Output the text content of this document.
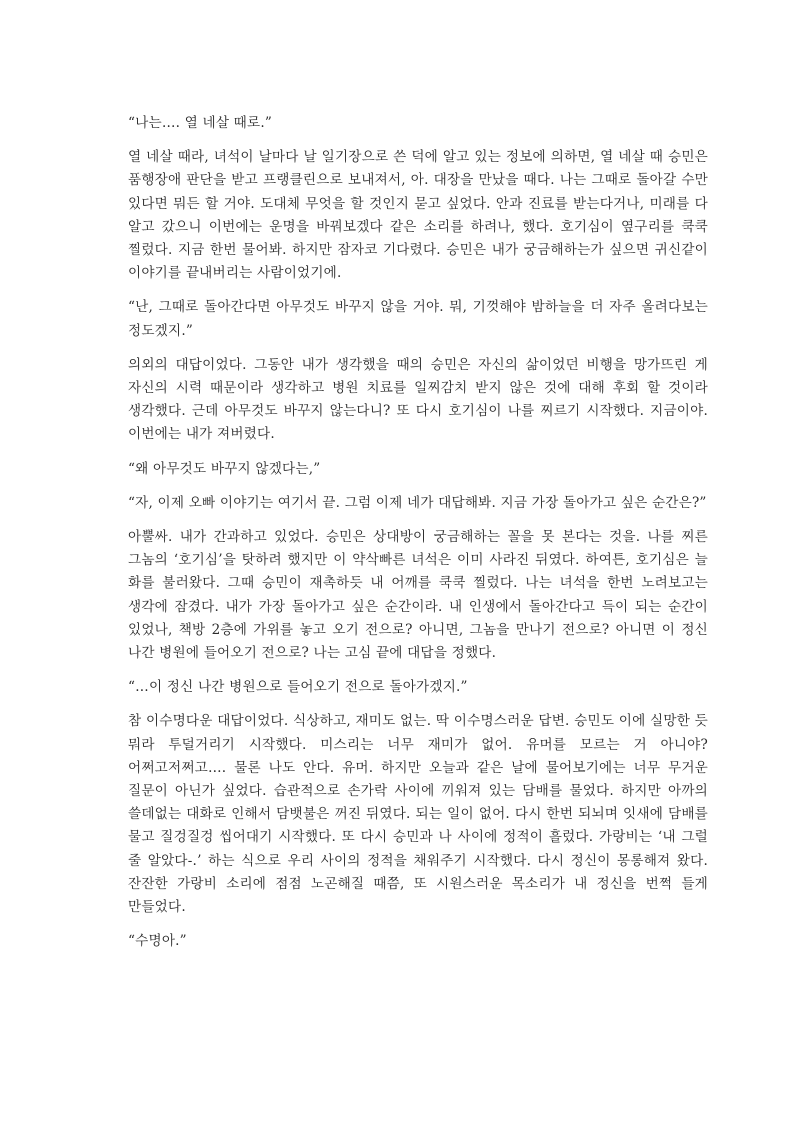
“나는…. 열 네살 때로.”

열 네살 때라, 녀석이 날마다 날 일기장으로 쓴 덕에 알고 있는 정보에 의하면, 열 네살 때 승민은 품행장애 판단을 받고 프랭클린으로 보내져서, 아. 대장을 만났을 때다. 나는 그때로 돌아갈 수만 있다면 뭐든 할 거야. 도대체 무엇을 할 것인지 묻고 싶었다. 안과 진료를 받는다거나, 미래를 다 알고 갔으니 이번에는 운명을 바꿔보겠다 같은 소리를 하려나, 했다. 호기심이 옆구리를 쿡쿡 찔렀다. 지금 한번 물어봐. 하지만 잠자코 기다렸다. 승민은 내가 궁금해하는가 싶으면 귀신같이 이야기를 끝내버리는 사람이었기에.

“난, 그때로 돌아간다면 아무것도 바꾸지 않을 거야. 뭐, 기껏해야 밤하늘을 더 자주 올려다보는 정도겠지.”

의외의 대답이었다. 그동안 내가 생각했을 때의 승민은 자신의 삶이었던 비행을 망가뜨린 게 자신의 시력 때문이라 생각하고 병원 치료를 일찌감치 받지 않은 것에 대해 후회 할 것이라 생각했다. 근데 아무것도 바꾸지 않는다니? 또 다시 호기심이 나를 찌르기 시작했다. 지금이야. 이번에는 내가 져버렸다.

“왜 아무것도 바꾸지 않겠다는,”

“자, 이제 오빠 이야기는 여기서 끝. 그럼 이제 네가 대답해봐. 지금 가장 돌아가고 싶은 순간은?”

아뿔싸. 내가 간과하고 있었다. 승민은 상대방이 궁금해하는 꼴을 못 본다는 것을. 나를 찌른 그놈의 ‘호기심’을 탓하려 했지만 이 약삭빠른 녀석은 이미 사라진 뒤였다. 하여튼, 호기심은 늘 화를 불러왔다. 그때 승민이 재촉하듯 내 어깨를 쿡쿡 찔렀다. 나는 녀석을 한번 노려보고는 생각에 잠겼다. 내가 가장 돌아가고 싶은 순간이라. 내 인생에서 돌아간다고 득이 되는 순간이 있었나, 책방 2층에 가위를 놓고 오기 전으로? 아니면, 그놈을 만나기 전으로? 아니면 이 정신 나간 병원에 들어오기 전으로? 나는 고심 끝에 대답을 정했다.

“…이 정신 나간 병원으로 들어오기 전으로 돌아가겠지.”

참 이수명다운 대답이었다. 식상하고, 재미도 없는. 딱 이수명스러운 답변. 승민도 이에 실망한 듯 뭐라 투덜거리기 시작했다. 미스리는 너무 재미가 없어. 유머를 모르는 거 아니야? 어쩌고저쩌고…. 물론 나도 안다. 유머. 하지만 오늘과 같은 날에 물어보기에는 너무 무거운 질문이 아닌가 싶었다. 습관적으로 손가락 사이에 끼워져 있는 담배를 물었다. 하지만 아까의 쓸데없는 대화로 인해서 담뱃불은 꺼진 뒤였다. 되는 일이 없어. 다시 한번 되뇌며 잇새에 담배를 물고 질겅질겅 씹어대기 시작했다. 또 다시 승민과 나 사이에 정적이 흘렀다. 가랑비는 ‘내 그럴 줄 알았다-.’ 하는 식으로 우리 사이의 정적을 채워주기 시작했다. 다시 정신이 몽롱해져 왔다. 잔잔한 가랑비 소리에 점점 노곤해질 때쯤, 또 시원스러운 목소리가 내 정신을 번쩍 들게 만들었다.

“수명아.”
